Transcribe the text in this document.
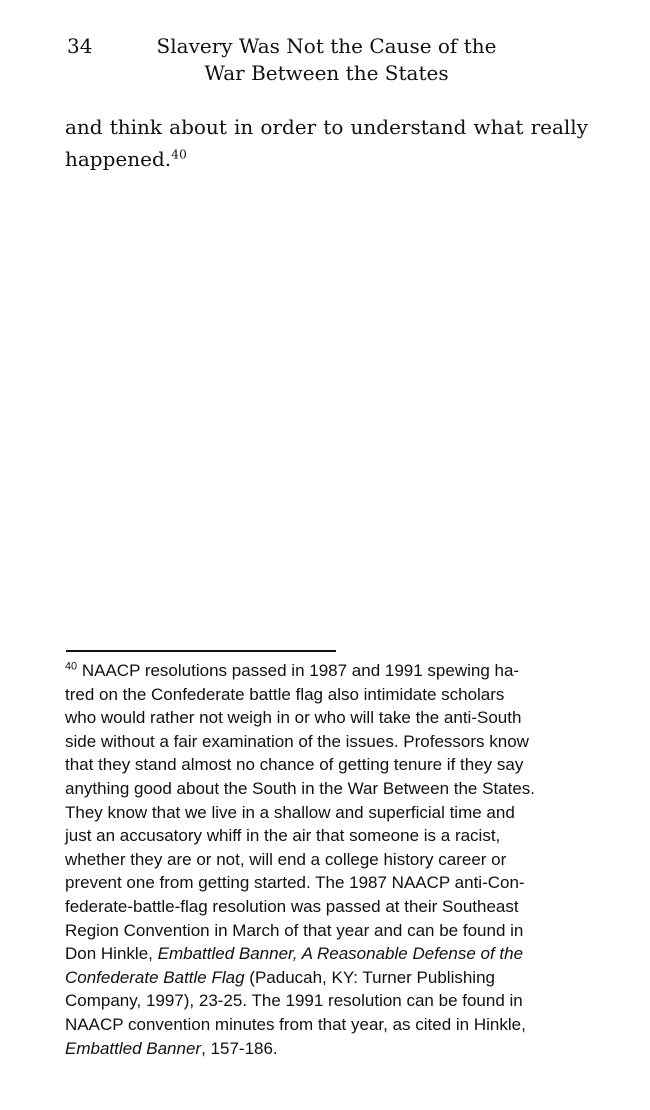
34	Slavery Was Not the Cause of the
War Between the States
and think about in order to understand what really
happened.$^{40}$
$^{40}$ NAACP resolutions passed in 1987 and 1991 spewing ha-
tred on the Confederate battle flag also intimidate scholars
who would rather not weigh in or who will take the anti-South
side without a fair examination of the issues. Professors know
that they stand almost no chance of getting tenure if they say
anything good about the South in the War Between the States.
They know that we live in a shallow and superficial time and
just an accusatory whiff in the air that someone is a racist,
whether they are or not, will end a college history career or
prevent one from getting started. The 1987 NAACP anti-Con-
federate-battle-flag resolution was passed at their Southeast
Region Convention in March of that year and can be found in
Don Hinkle, Embattled Banner, A Reasonable Defense of the
Confederate Battle Flag (Paducah, KY: Turner Publishing
Company, 1997), 23-25. The 1991 resolution can be found in
NAACP convention minutes from that year, as cited in Hinkle,
Embattled Banner, 157-186.
